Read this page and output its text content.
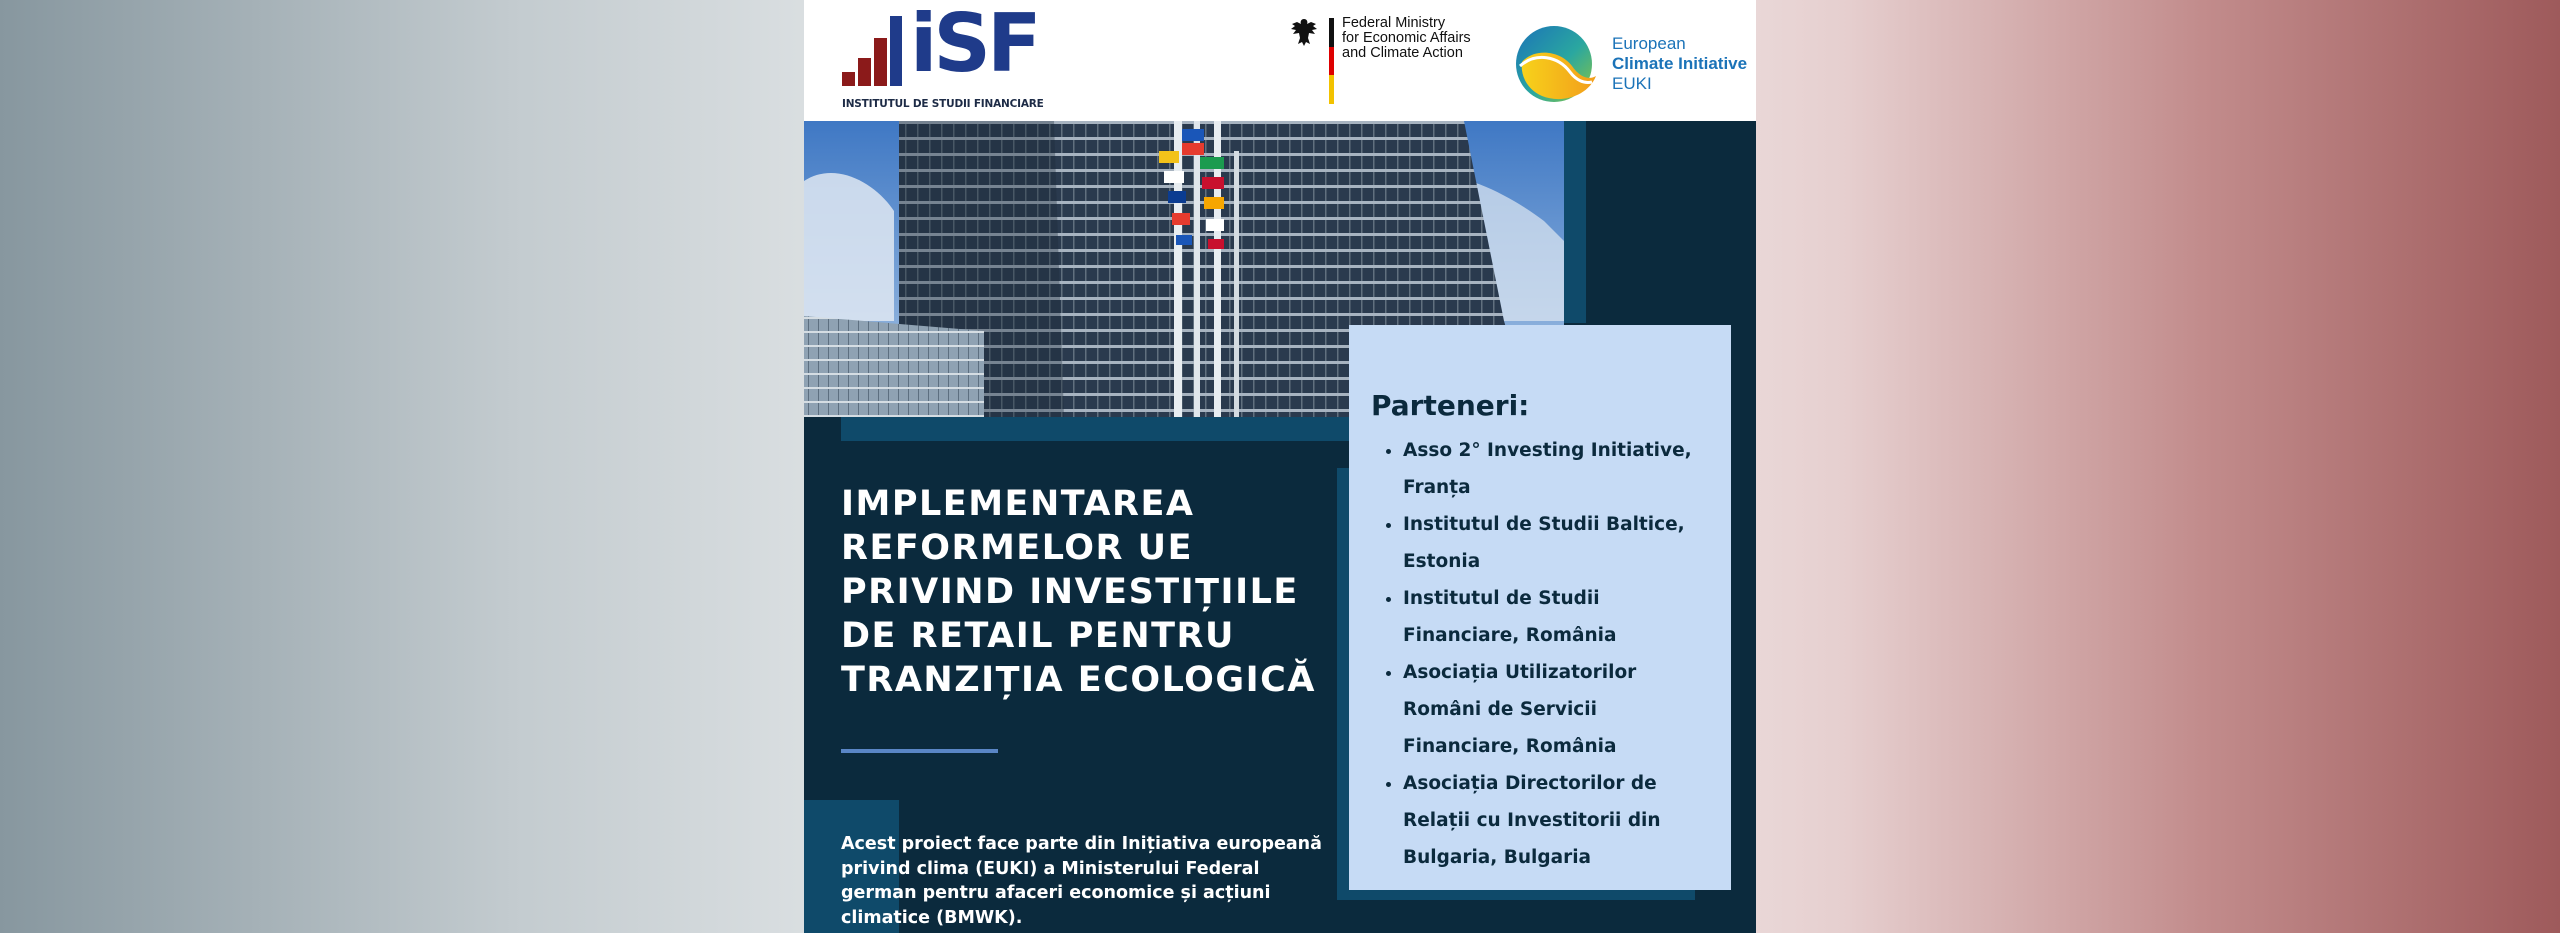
iSF
INSTITUTUL DE STUDII FINANCIARE
Federal Ministry
for Economic Affairs
and Climate Action	European
Climate Initiative
EUKI
IMPLEMENTAREA REFORMELOR UE PRIVIND INVESTIȚIILE DE RETAIL PENTRU TRANZIȚIA ECOLOGICĂ

Acest proiect face parte din Inițiativa europeană privind clima (EUKI) a Ministerului Federal german pentru afaceri economice și acțiuni climatice (BMWK).

Parteneri:
• Asso 2° Investing Initiative, Franța
• Institutul de Studii Baltice, Estonia
• Institutul de Studii Financiare, România
• Asociația Utilizatorilor Români de Servicii Financiare, România
• Asociația Directorilor de Relații cu Investitorii din Bulgaria, Bulgaria
